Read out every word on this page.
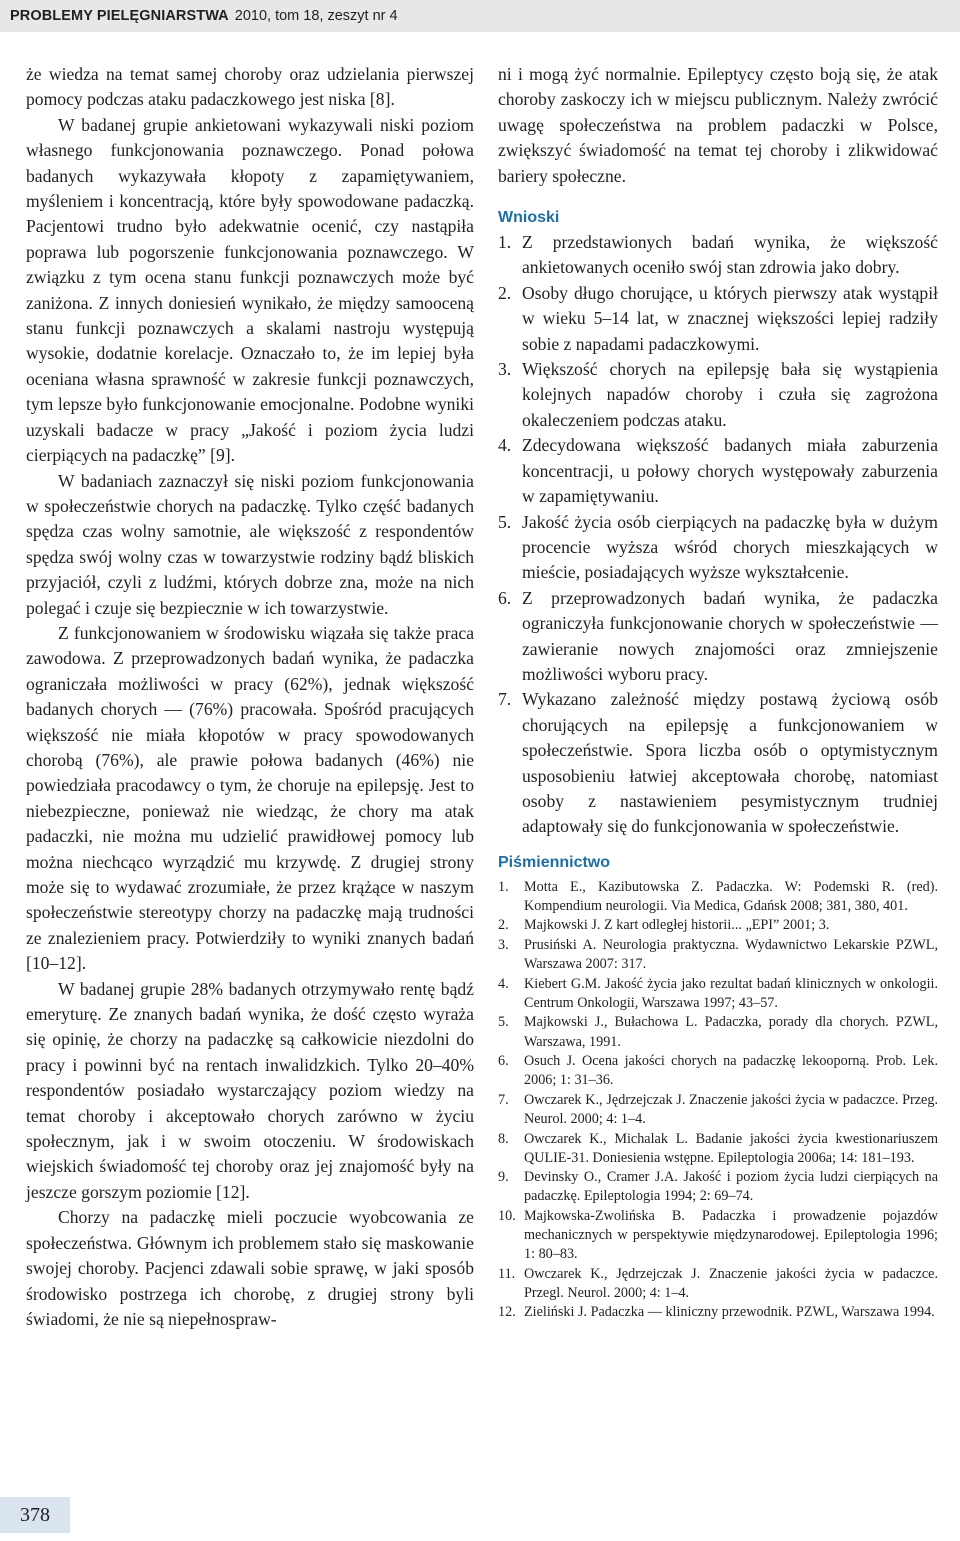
PROBLEMY PIELĘGNIARSTWA 2010, tom 18, zeszyt nr 4

że wiedza na temat samej choroby oraz udzielania pierwszej pomocy podczas ataku padaczkowego jest niska [8].

W badanej grupie ankietowani wykazywali niski poziom własnego funkcjonowania poznawczego. Ponad połowa badanych wykazywała kłopoty z zapamiętywaniem, myśleniem i koncentracją, które były spowodowane padaczką. Pacjentowi trudno było adekwatnie ocenić, czy nastąpiła poprawa lub pogorszenie funkcjonowania poznawczego. W związku z tym ocena stanu funkcji poznawczych może być zaniżona. Z innych doniesień wynikało, że między samooceną stanu funkcji poznawczych a skalami nastroju występują wysokie, dodatnie korelacje. Oznaczało to, że im lepiej była oceniana własna sprawność w zakresie funkcji poznawczych, tym lepsze było funkcjonowanie emocjonalne. Podobne wyniki uzyskali badacze w pracy „Jakość i poziom życia ludzi cierpiących na padaczkę” [9].

W badaniach zaznaczył się niski poziom funkcjonowania w społeczeństwie chorych na padaczkę. Tylko część badanych spędza czas wolny samotnie, ale większość z respondentów spędza swój wolny czas w towarzystwie rodziny bądź bliskich przyjaciół, czyli z ludźmi, których dobrze zna, może na nich polegać i czuje się bezpiecznie w ich towarzystwie.

Z funkcjonowaniem w środowisku wiązała się także praca zawodowa. Z przeprowadzonych badań wynika, że padaczka ograniczała możliwości w pracy (62%), jednak większość badanych chorych — (76%) pracowała. Spośród pracujących większość nie miała kłopotów w pracy spowodowanych chorobą (76%), ale prawie połowa badanych (46%) nie powiedziała pracodawcy o tym, że choruje na epilepsję. Jest to niebezpieczne, ponieważ nie wiedząc, że chory ma atak padaczki, nie można mu udzielić prawidłowej pomocy lub można niechcąco wyrządzić mu krzywdę. Z drugiej strony może się to wydawać zrozumiałe, że przez krążące w naszym społeczeństwie stereotypy chorzy na padaczkę mają trudności ze znalezieniem pracy. Potwierdziły to wyniki znanych badań [10–12].

W badanej grupie 28% badanych otrzymywało rentę bądź emeryturę. Ze znanych badań wynika, że dość często wyraża się opinię, że chorzy na padaczkę są całkowicie niezdolni do pracy i powinni być na rentach inwalidzkich. Tylko 20–40% respondentów posiadało wystarczający poziom wiedzy na temat choroby i akceptowało chorych zarówno w życiu społecznym, jak i w swoim otoczeniu. W środowiskach wiejskich świadomość tej choroby oraz jej znajomość były na jeszcze gorszym poziomie [12].

Chorzy na padaczkę mieli poczucie wyobcowania ze społeczeństwa. Głównym ich problemem stało się maskowanie swojej choroby. Pacjenci zdawali sobie sprawę, w jaki sposób środowisko postrzega ich chorobę, z drugiej strony byli świadomi, że nie są niepełnospraw-

ni i mogą żyć normalnie. Epileptycy często boją się, że atak choroby zaskoczy ich w miejscu publicznym. Należy zwrócić uwagę społeczeństwa na problem padaczki w Polsce, zwiększyć świadomość na temat tej choroby i zlikwidować bariery społeczne.

Wnioski
1. Z przedstawionych badań wynika, że większość ankietowanych oceniło swój stan zdrowia jako dobry.
2. Osoby długo chorujące, u których pierwszy atak wystąpił w wieku 5–14 lat, w znacznej większości lepiej radziły sobie z napadami padaczkowymi.
3. Większość chorych na epilepsję bała się wystąpienia kolejnych napadów choroby i czuła się zagrożona okaleczeniem podczas ataku.
4. Zdecydowana większość badanych miała zaburzenia koncentracji, u połowy chorych występowały zaburzenia w zapamiętywaniu.
5. Jakość życia osób cierpiących na padaczkę była w dużym procencie wyższa wśród chorych mieszkających w mieście, posiadających wyższe wykształcenie.
6. Z przeprowadzonych badań wynika, że padaczka ograniczyła funkcjonowanie chorych w społeczeństwie — zawieranie nowych znajomości oraz zmniejszenie możliwości wyboru pracy.
7. Wykazano zależność między postawą życiową osób chorujących na epilepsję a funkcjonowaniem w społeczeństwie. Spora liczba osób o optymistycznym usposobieniu łatwiej akceptowała chorobę, natomiast osoby z nastawieniem pesymistycznym trudniej adaptowały się do funkcjonowania w społeczeństwie.
Piśmiennictwo
1. Motta E., Kazibutowska Z. Padaczka. W: Podemski R. (red). Kompendium neurologii. Via Medica, Gdańsk 2008; 381, 380, 401.
2. Majkowski J. Z kart odległej historii... „EPI” 2001; 3.
3. Prusiński A. Neurologia praktyczna. Wydawnictwo Lekarskie PZWL, Warszawa 2007: 317.
4. Kiebert G.M. Jakość życia jako rezultat badań klinicznych w onkologii. Centrum Onkologii, Warszawa 1997; 43–57.
5. Majkowski J., Bułachowa L. Padaczka, porady dla chorych. PZWL, Warszawa, 1991.
6. Osuch J. Ocena jakości chorych na padaczkę lekooporną. Prob. Lek. 2006; 1: 31–36.
7. Owczarek K., Jędrzejczak J. Znaczenie jakości życia w padaczce. Przeg. Neurol. 2000; 4: 1–4.
8. Owczarek K., Michalak L. Badanie jakości życia kwestionariuszem QULIE-31. Doniesienia wstępne. Epileptologia 2006a; 14: 181–193.
9. Devinsky O., Cramer J.A. Jakość i poziom życia ludzi cierpiących na padaczkę. Epileptologia 1994; 2: 69–74.
10. Majkowska-Zwolińska B. Padaczka i prowadzenie pojazdów mechanicznych w perspektywie międzynarodowej. Epileptologia 1996; 1: 80–83.
11. Owczarek K., Jędrzejczak J. Znaczenie jakości życia w padaczce. Przegl. Neurol. 2000; 4: 1–4.
12. Zieliński J. Padaczka — kliniczny przewodnik. PZWL, Warszawa 1994.
378
